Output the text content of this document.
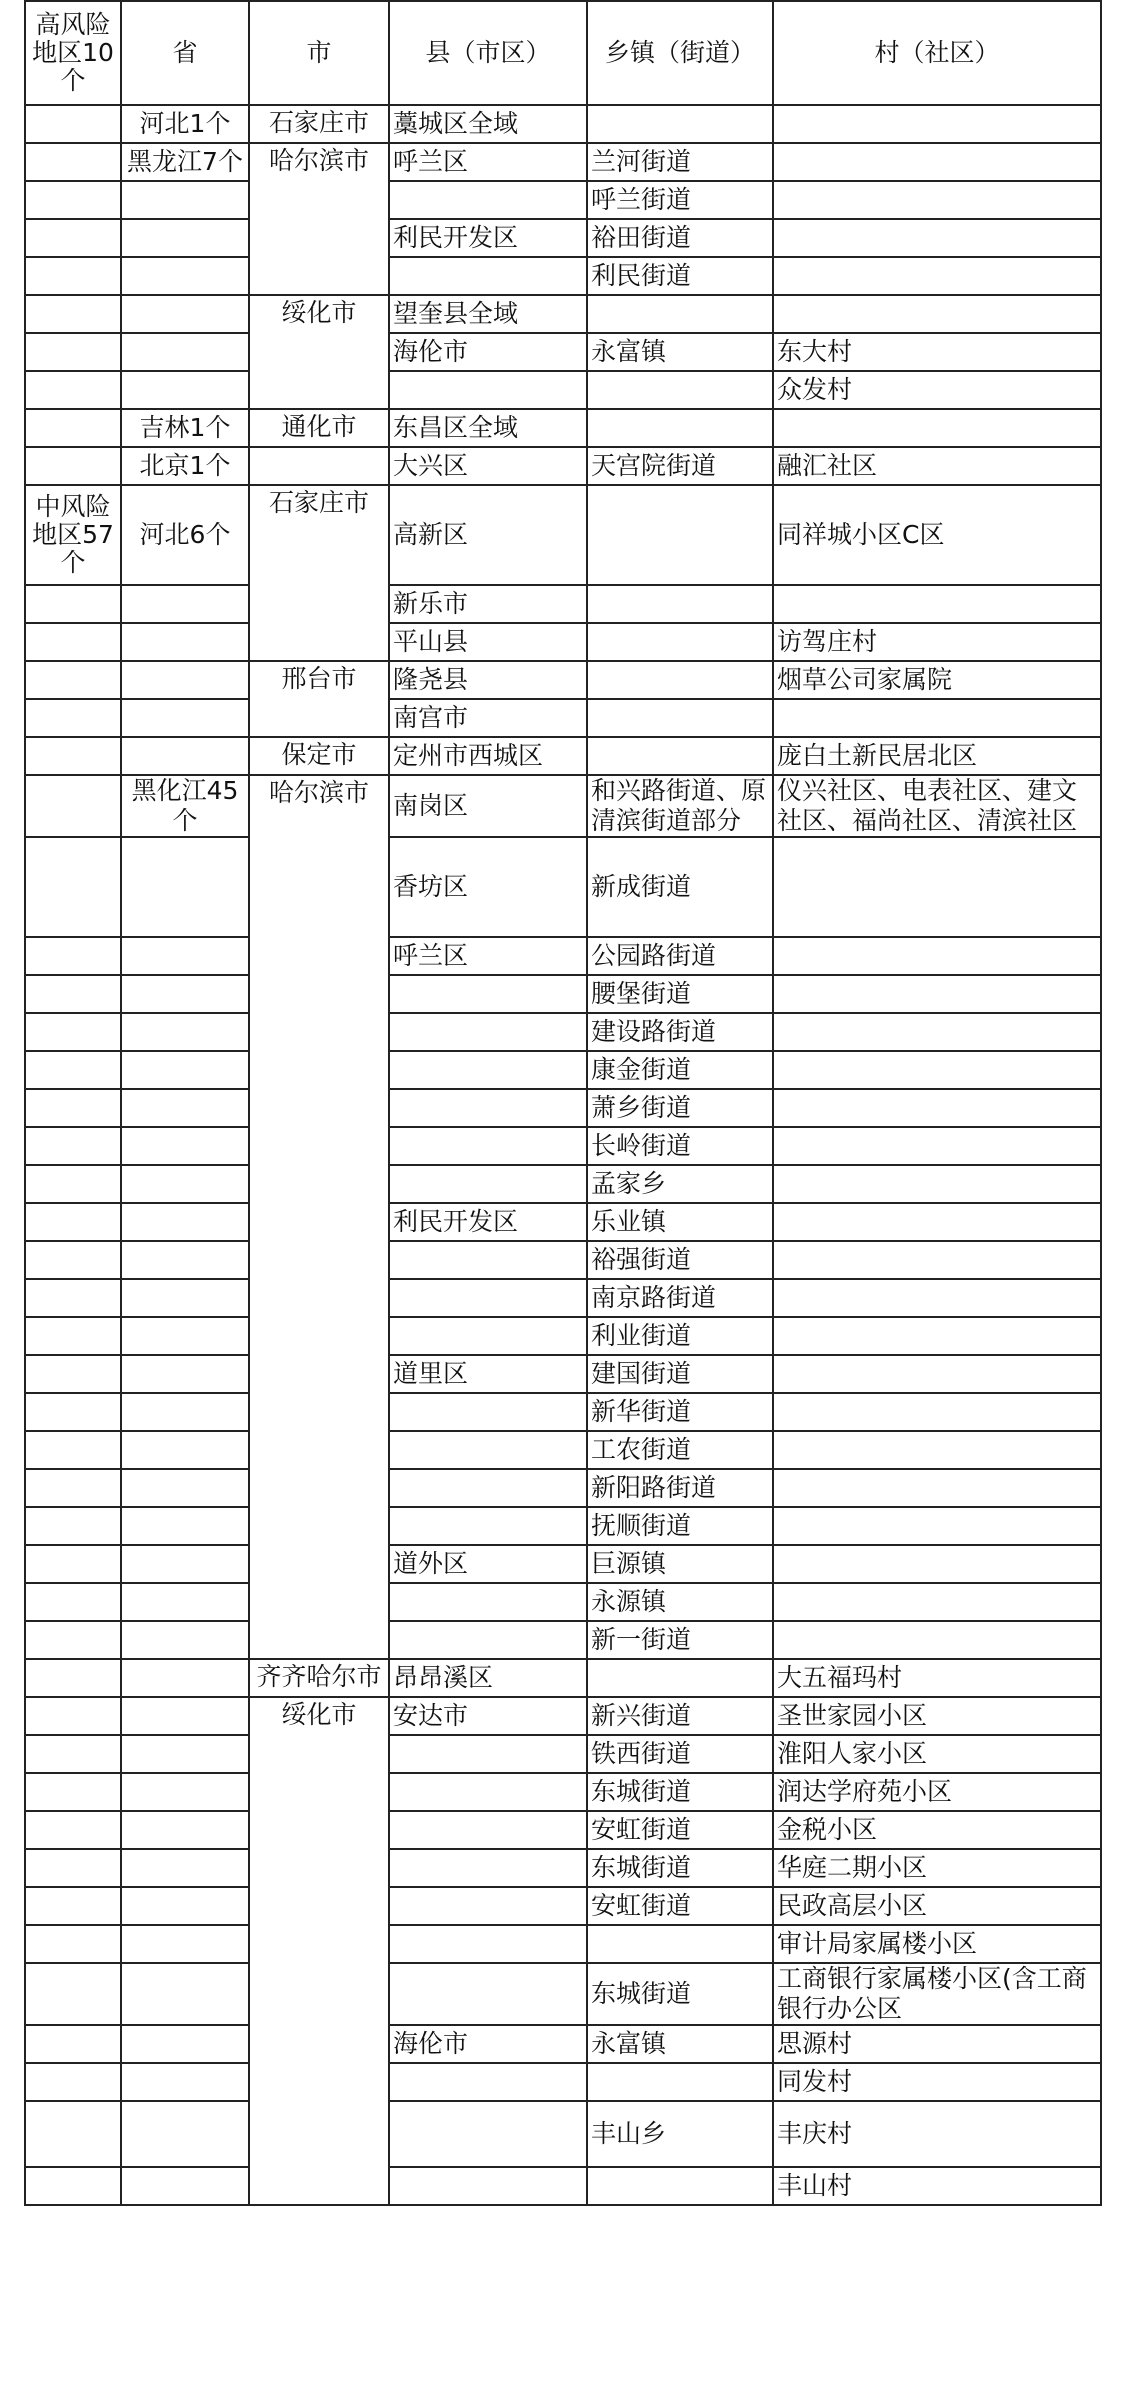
高风险地区10个	省	市	县（市区）	乡镇（街道）	村（社区）
	河北1个	石家庄市	藁城区全域		
	黑龙江7个	哈尔滨市	呼兰区	兰河街道	
				呼兰街道	
			利民开发区	裕田街道	
				利民街道	
		绥化市	望奎县全域		
			海伦市	永富镇	东大村
					众发村
	吉林1个	通化市	东昌区全域		
	北京1个		大兴区	天宫院街道	融汇社区
中风险地区57个	河北6个	石家庄市	高新区		同祥城小区C区
			新乐市		
			平山县		访驾庄村
		邢台市	隆尧县		烟草公司家属院
			南宫市		
		保定市	定州市西城区		庞白土新民居北区
	黑化江45个	哈尔滨市	南岗区	和兴路街道、原清滨街道部分	仪兴社区、电表社区、建文社区、福尚社区、清滨社区
			香坊区	新成街道	
			呼兰区	公园路街道	
				腰堡街道	
				建设路街道	
				康金街道	
				萧乡街道	
				长岭街道	
				孟家乡	
			利民开发区	乐业镇	
				裕强街道	
				南京路街道	
				利业街道	
			道里区	建国街道	
				新华街道	
				工农街道	
				新阳路街道	
				抚顺街道	
			道外区	巨源镇	
				永源镇	
				新一街道	
		齐齐哈尔市	昂昂溪区		大五福玛村
		绥化市	安达市	新兴街道	圣世家园小区
				铁西街道	淮阳人家小区
				东城街道	润达学府苑小区
				安虹街道	金税小区
				东城街道	华庭二期小区
				安虹街道	民政高层小区
					审计局家属楼小区
				东城街道	工商银行家属楼小区(含工商银行办公区
			海伦市	永富镇	思源村
					同发村
				丰山乡	丰庆村
					丰山村
